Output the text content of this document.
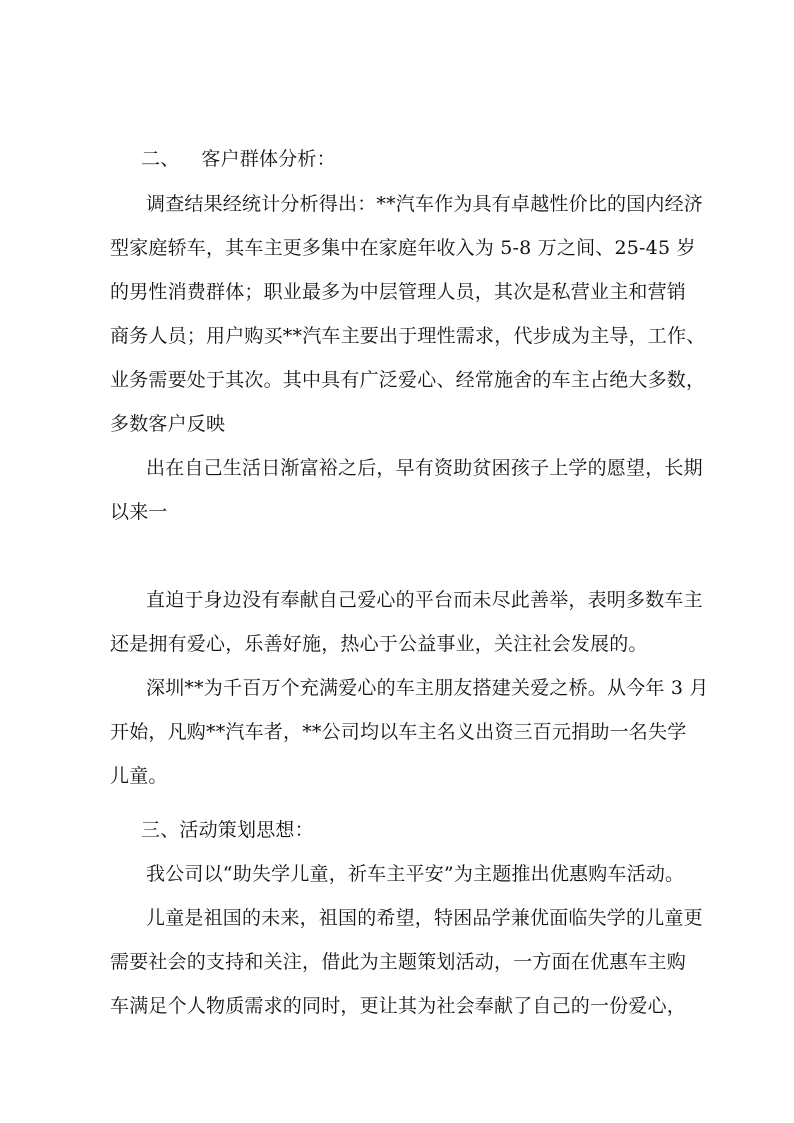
二、 客户群体分析：
调查结果经统计分析得出：**汽车作为具有卓越性价比的国内经济
型家庭轿车，其车主更多集中在家庭年收入为 5-8 万之间、25-45 岁
的男性消费群体；职业最多为中层管理人员，其次是私营业主和营销
商务人员；用户购买**汽车主要出于理性需求，代步成为主导，工作、
业务需要处于其次。其中具有广泛爱心、经常施舍的车主占绝大多数，
多数客户反映
出在自己生活日渐富裕之后，早有资助贫困孩子上学的愿望，长期
以来一
直迫于身边没有奉献自己爱心的平台而未尽此善举，表明多数车主
还是拥有爱心，乐善好施，热心于公益事业，关注社会发展的。
深圳**为千百万个充满爱心的车主朋友搭建关爱之桥。从今年 3 月
开始，凡购**汽车者，**公司均以车主名义出资三百元捐助一名失学
儿童。
三、活动策划思想：
我公司以“助失学儿童，祈车主平安”为主题推出优惠购车活动。
儿童是祖国的未来，祖国的希望，特困品学兼优面临失学的儿童更
需要社会的支持和关注，借此为主题策划活动，一方面在优惠车主购
车满足个人物质需求的同时，更让其为社会奉献了自己的一份爱心，
